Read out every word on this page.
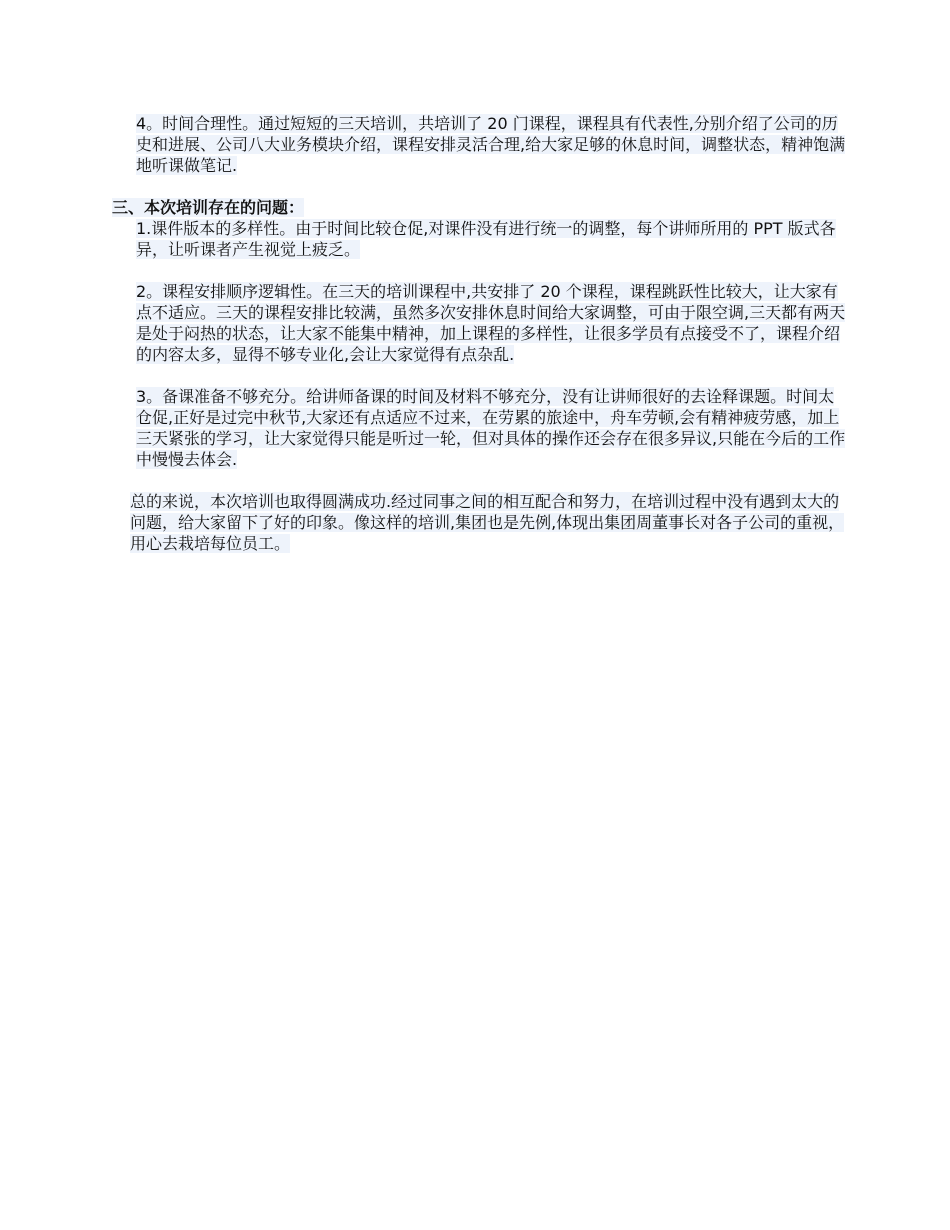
4。时间合理性。通过短短的三天培训，共培训了 20 门课程，课程具有代表性,分别介绍了公司的历史和进展、公司八大业务模块介绍，课程安排灵活合理,给大家足够的休息时间，调整状态，精神饱满地听课做笔记.

三、本次培训存在的问题：

1.课件版本的多样性。由于时间比较仓促,对课件没有进行统一的调整，每个讲师所用的 PPT 版式各异，让听课者产生视觉上疲乏。

2。课程安排顺序逻辑性。在三天的培训课程中,共安排了 20 个课程，课程跳跃性比较大，让大家有点不适应。三天的课程安排比较满，虽然多次安排休息时间给大家调整，可由于限空调,三天都有两天是处于闷热的状态，让大家不能集中精神，加上课程的多样性，让很多学员有点接受不了，课程介绍的内容太多，显得不够专业化,会让大家觉得有点杂乱.

3。备课准备不够充分。给讲师备课的时间及材料不够充分，没有让讲师很好的去诠释课题。时间太仓促,正好是过完中秋节,大家还有点适应不过来，在劳累的旅途中，舟车劳顿,会有精神疲劳感，加上三天紧张的学习，让大家觉得只能是听过一轮，但对具体的操作还会存在很多异议,只能在今后的工作中慢慢去体会.

总的来说，本次培训也取得圆满成功.经过同事之间的相互配合和努力，在培训过程中没有遇到太大的问题，给大家留下了好的印象。像这样的培训,集团也是先例,体现出集团周董事长对各子公司的重视，用心去栽培每位员工。
